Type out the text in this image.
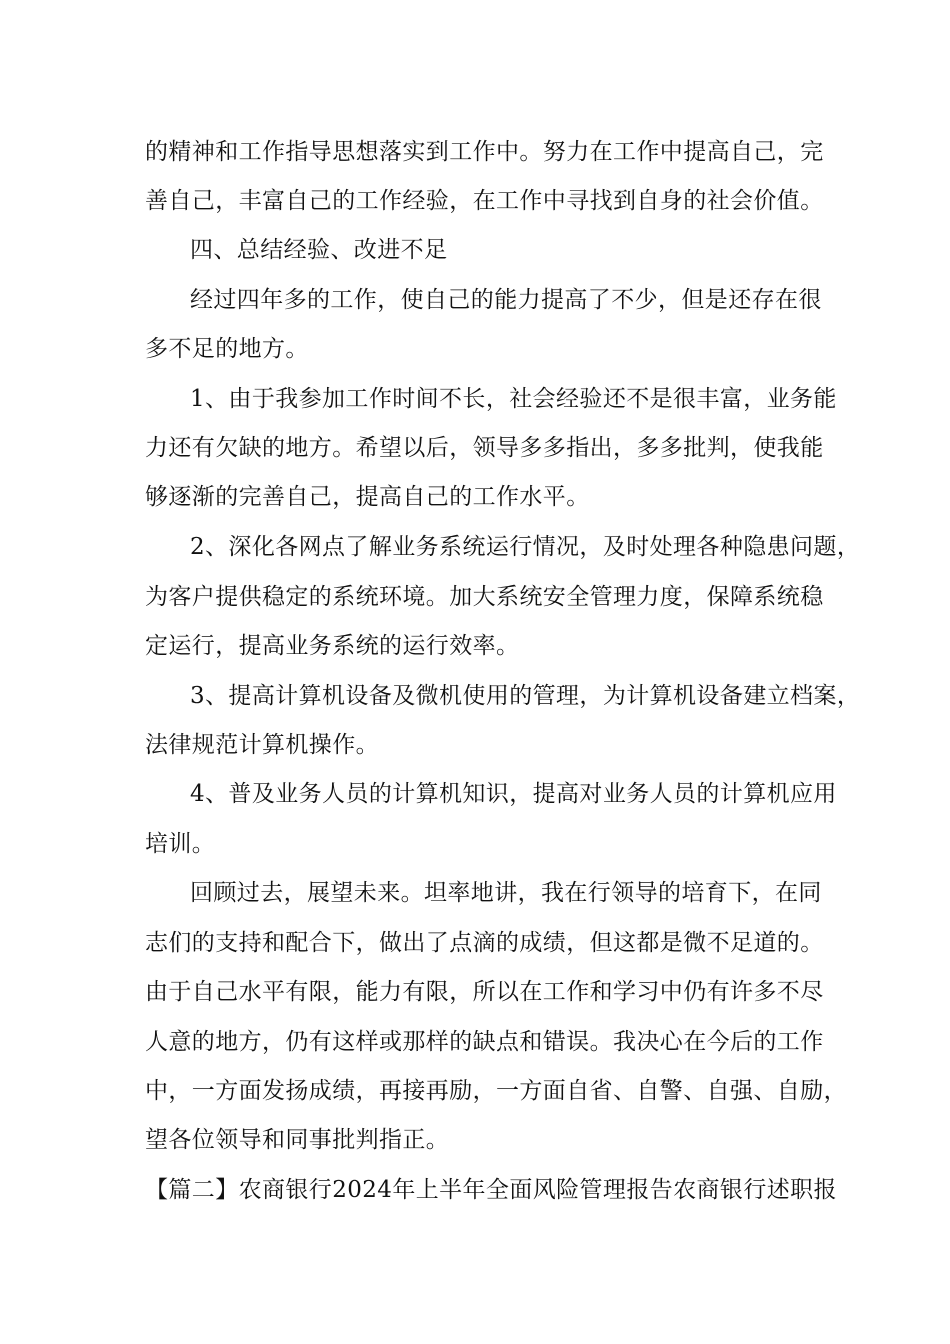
的精神和工作指导思想落实到工作中。努力在工作中提高自己，完
善自己，丰富自己的工作经验，在工作中寻找到自身的社会价值。
四、总结经验、改进不足
经过四年多的工作，使自己的能力提高了不少，但是还存在很
多不足的地方。
1、由于我参加工作时间不长，社会经验还不是很丰富，业务能
力还有欠缺的地方。希望以后，领导多多指出，多多批判，使我能
够逐渐的完善自己，提高自己的工作水平。
2、深化各网点了解业务系统运行情况，及时处理各种隐患问题，
为客户提供稳定的系统环境。加大系统安全管理力度，保障系统稳
定运行，提高业务系统的运行效率。
3、提高计算机设备及微机使用的管理，为计算机设备建立档案，
法律规范计算机操作。
4、普及业务人员的计算机知识，提高对业务人员的计算机应用
培训。
回顾过去，展望未来。坦率地讲，我在行领导的培育下，在同
志们的支持和配合下，做出了点滴的成绩，但这都是微不足道的。
由于自己水平有限，能力有限，所以在工作和学习中仍有许多不尽
人意的地方，仍有这样或那样的缺点和错误。我决心在今后的工作
中，一方面发扬成绩，再接再励，一方面自省、自警、自强、自励，
望各位领导和同事批判指正。
【篇二】农商银行2024年上半年全面风险管理报告农商银行述职报
